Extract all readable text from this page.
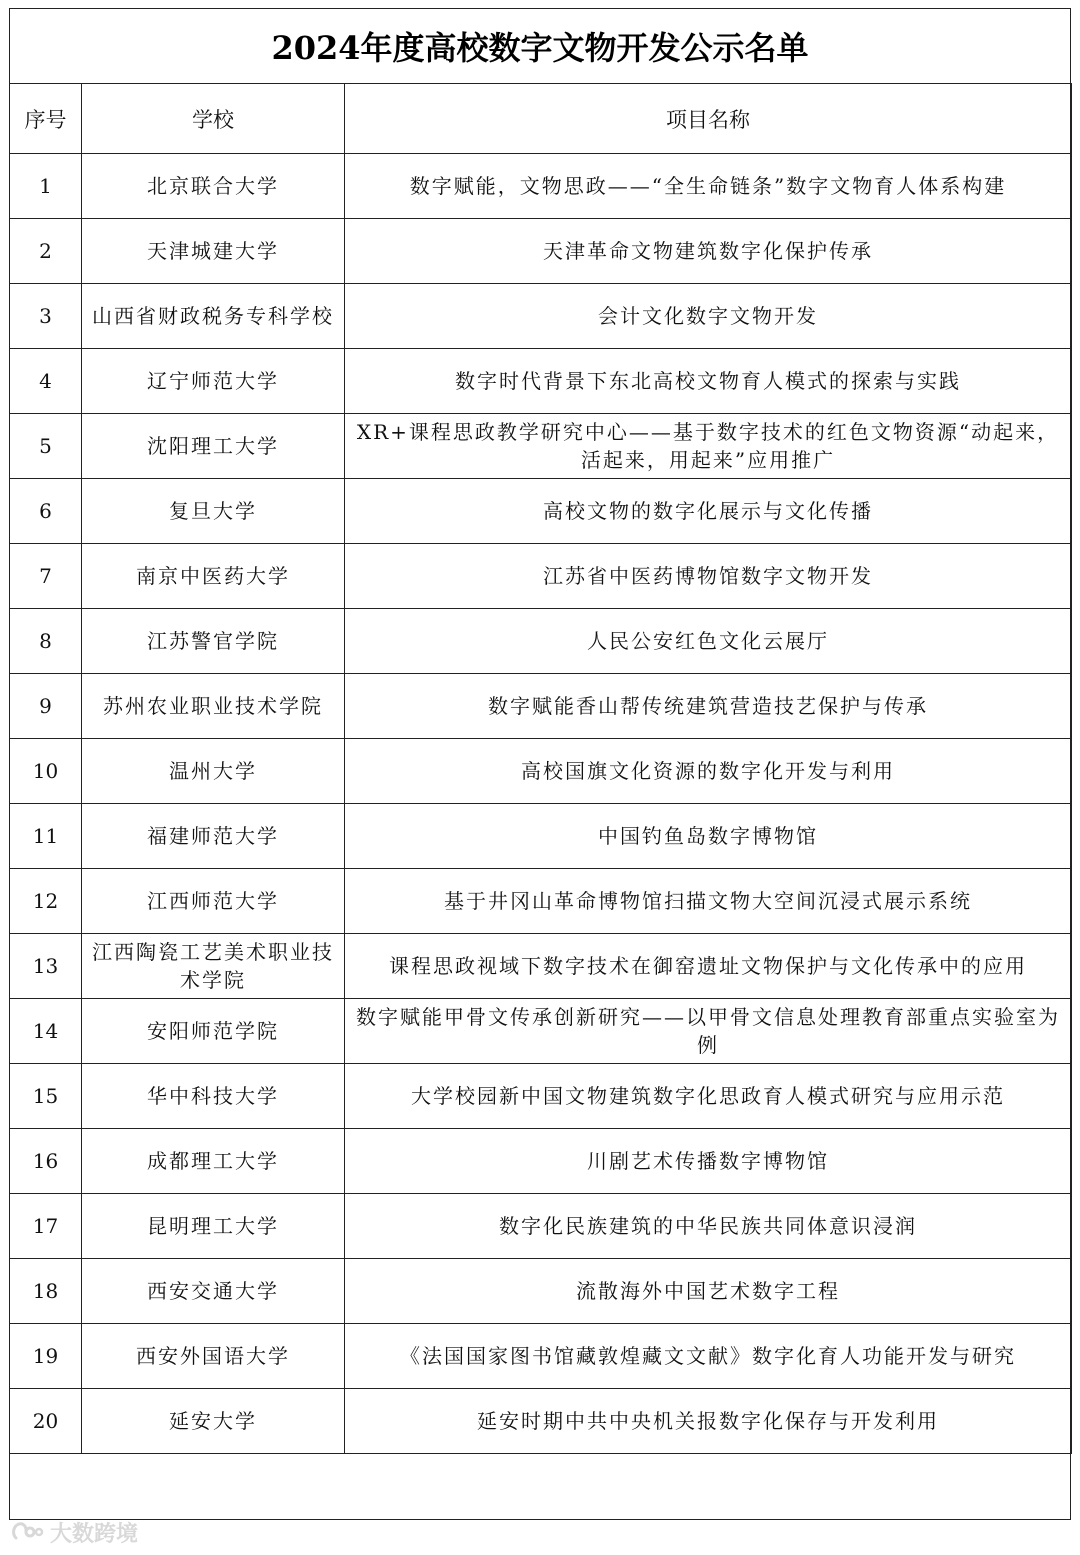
2024年度高校数字文物开发公示名单
序号	学校	项目名称
1	北京联合大学	数字赋能，文物思政——“全生命链条”数字文物育人体系构建
2	天津城建大学	天津革命文物建筑数字化保护传承
3	山西省财政税务专科学校	会计文化数字文物开发
4	辽宁师范大学	数字时代背景下东北高校文物育人模式的探索与实践
5	沈阳理工大学	XR+课程思政教学研究中心——基于数字技术的红色文物资源“动起来，活起来，用起来”应用推广
6	复旦大学	高校文物的数字化展示与文化传播
7	南京中医药大学	江苏省中医药博物馆数字文物开发
8	江苏警官学院	人民公安红色文化云展厅
9	苏州农业职业技术学院	数字赋能香山帮传统建筑营造技艺保护与传承
10	温州大学	高校国旗文化资源的数字化开发与利用
11	福建师范大学	中国钓鱼岛数字博物馆
12	江西师范大学	基于井冈山革命博物馆扫描文物大空间沉浸式展示系统
13	江西陶瓷工艺美术职业技术学院	课程思政视域下数字技术在御窑遗址文物保护与文化传承中的应用
14	安阳师范学院	数字赋能甲骨文传承创新研究——以甲骨文信息处理教育部重点实验室为例
15	华中科技大学	大学校园新中国文物建筑数字化思政育人模式研究与应用示范
16	成都理工大学	川剧艺术传播数字博物馆
17	昆明理工大学	数字化民族建筑的中华民族共同体意识浸润
18	西安交通大学	流散海外中国艺术数字工程
19	西安外国语大学	《法国国家图书馆藏敦煌藏文文献》数字化育人功能开发与研究
20	延安大学	延安时期中共中央机关报数字化保存与开发利用
大数跨境
